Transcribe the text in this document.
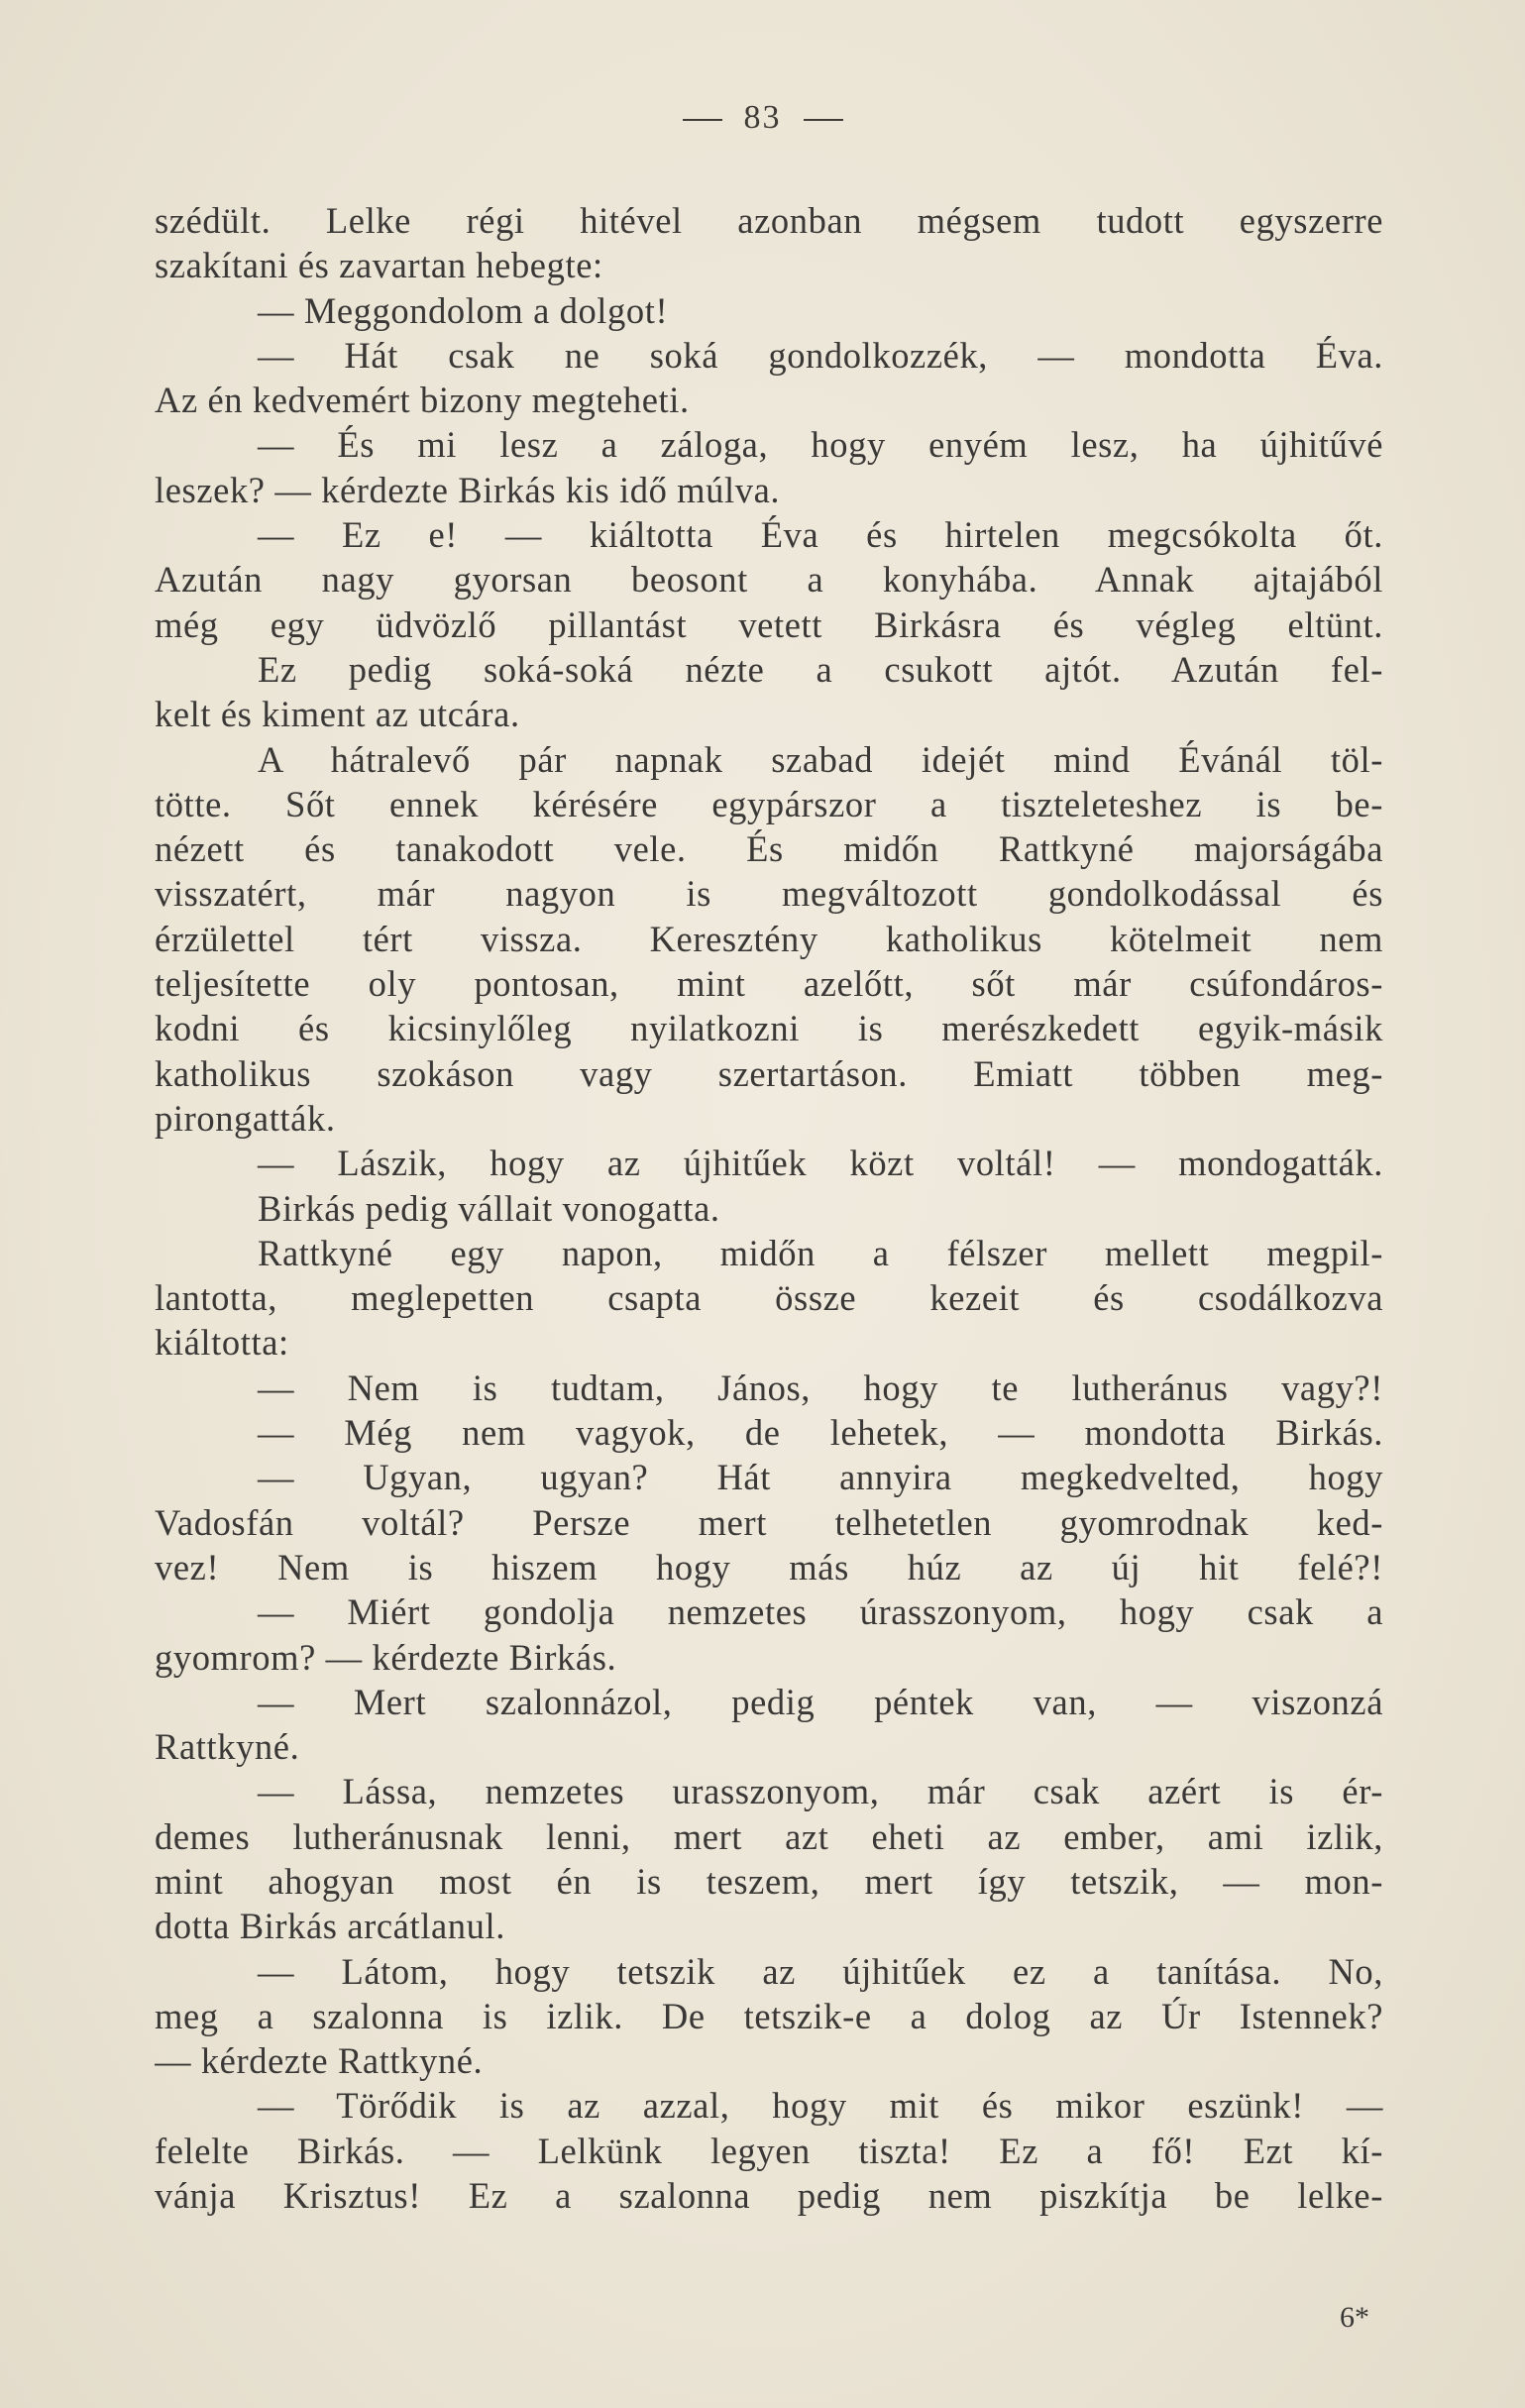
83
szédült. Lelke régi hitével azonban mégsem tudott egyszerre
szakítani és zavartan hebegte:
— Meggondolom a dolgot!
— Hát csak ne soká gondolkozzék, — mondotta Éva.
Az én kedvemért bizony megteheti.
— És mi lesz a záloga, hogy enyém lesz, ha újhitűvé
leszek? — kérdezte Birkás kis idő múlva.
— Ez e! — kiáltotta Éva és hirtelen megcsókolta őt.
Azután nagy gyorsan beosont a konyhába. Annak ajtajából
még egy üdvözlő pillantást vetett Birkásra és végleg eltünt.
Ez pedig soká-soká nézte a csukott ajtót. Azután fel-
kelt és kiment az utcára.
A hátralevő pár napnak szabad idejét mind Évánál töl-
tötte. Sőt ennek kérésére egypárszor a tiszteleteshez is be-
nézett és tanakodott vele. És midőn Rattkyné majorságába
visszatért, már nagyon is megváltozott gondolkodással és
érzülettel tért vissza. Keresztény katholikus kötelmeit nem
teljesítette oly pontosan, mint azelőtt, sőt már csúfondáros-
kodni és kicsinylőleg nyilatkozni is merészkedett egyik-másik
katholikus szokáson vagy szertartáson. Emiatt többen meg-
pirongatták.
— Lászik, hogy az újhitűek közt voltál! — mondogatták.
Birkás pedig vállait vonogatta.
Rattkyné egy napon, midőn a félszer mellett megpil-
lantotta, meglepetten csapta össze kezeit és csodálkozva
kiáltotta:
— Nem is tudtam, János, hogy te lutheránus vagy?!
— Még nem vagyok, de lehetek, — mondotta Birkás.
— Ugyan, ugyan? Hát annyira megkedvelted, hogy
Vadosfán voltál? Persze mert telhetetlen gyomrodnak ked-
vez! Nem is hiszem hogy más húz az új hit felé?!
— Miért gondolja nemzetes úrasszonyom, hogy csak a
gyomrom? — kérdezte Birkás.
— Mert szalonnázol, pedig péntek van, — viszonzá
Rattkyné.
— Lássa, nemzetes urasszonyom, már csak azért is ér-
demes lutheránusnak lenni, mert azt eheti az ember, ami izlik,
mint ahogyan most én is teszem, mert így tetszik, — mon-
dotta Birkás arcátlanul.
— Látom, hogy tetszik az újhitűek ez a tanítása. No,
meg a szalonna is izlik. De tetszik-e a dolog az Úr Istennek?
— kérdezte Rattkyné.
— Törődik is az azzal, hogy mit és mikor eszünk! —
felelte Birkás. — Lelkünk legyen tiszta! Ez a fő! Ezt kí-
vánja Krisztus! Ez a szalonna pedig nem piszkítja be lelke-
6*
